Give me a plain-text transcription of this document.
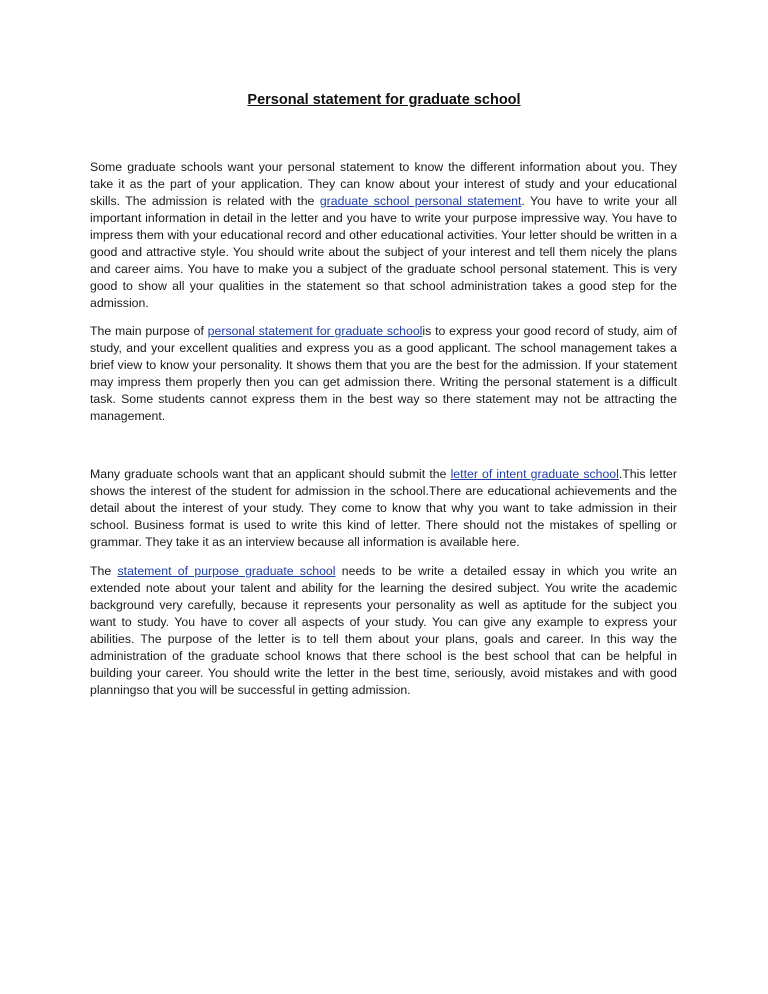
Personal statement for graduate school

Some graduate schools want your personal statement to know the different information about you. They take it as the part of your application. They can know about your interest of study and your educational skills. The admission is related with the graduate school personal statement. You have to write your all important information in detail in the letter and you have to write your purpose impressive way. You have to impress them with your educational record and other educational activities. Your letter should be written in a good and attractive style. You should write about the subject of your interest and tell them nicely the plans and career aims. You have to make you a subject of the graduate school personal statement. This is very good to show all your qualities in the statement so that school administration takes a good step for the admission.

The main purpose of personal statement for graduate schoolis to express your good record of study, aim of study, and your excellent qualities and express you as a good applicant. The school management takes a brief view to know your personality. It shows them that you are the best for the admission. If your statement may impress them properly then you can get admission there. Writing the personal statement is a difficult task. Some students cannot express them in the best way so there statement may not be attracting the management.

Many graduate schools want that an applicant should submit the letter of intent graduate school.This letter shows the interest of the student for admission in the school.There are educational achievements and the detail about the interest of your study. They come to know that why you want to take admission in their school. Business format is used to write this kind of letter. There should not the mistakes of spelling or grammar. They take it as an interview because all information is available here.

The statement of purpose graduate school needs to be write a detailed essay in which you write an extended note about your talent and ability for the learning the desired subject. You write the academic background very carefully, because it represents your personality as well as aptitude for the subject you want to study. You have to cover all aspects of your study. You can give any example to express your abilities. The purpose of the letter is to tell them about your plans, goals and career. In this way the administration of the graduate school knows that there school is the best school that can be helpful in building your career. You should write the letter in the best time, seriously, avoid mistakes and with good planningso that you will be successful in getting admission.
